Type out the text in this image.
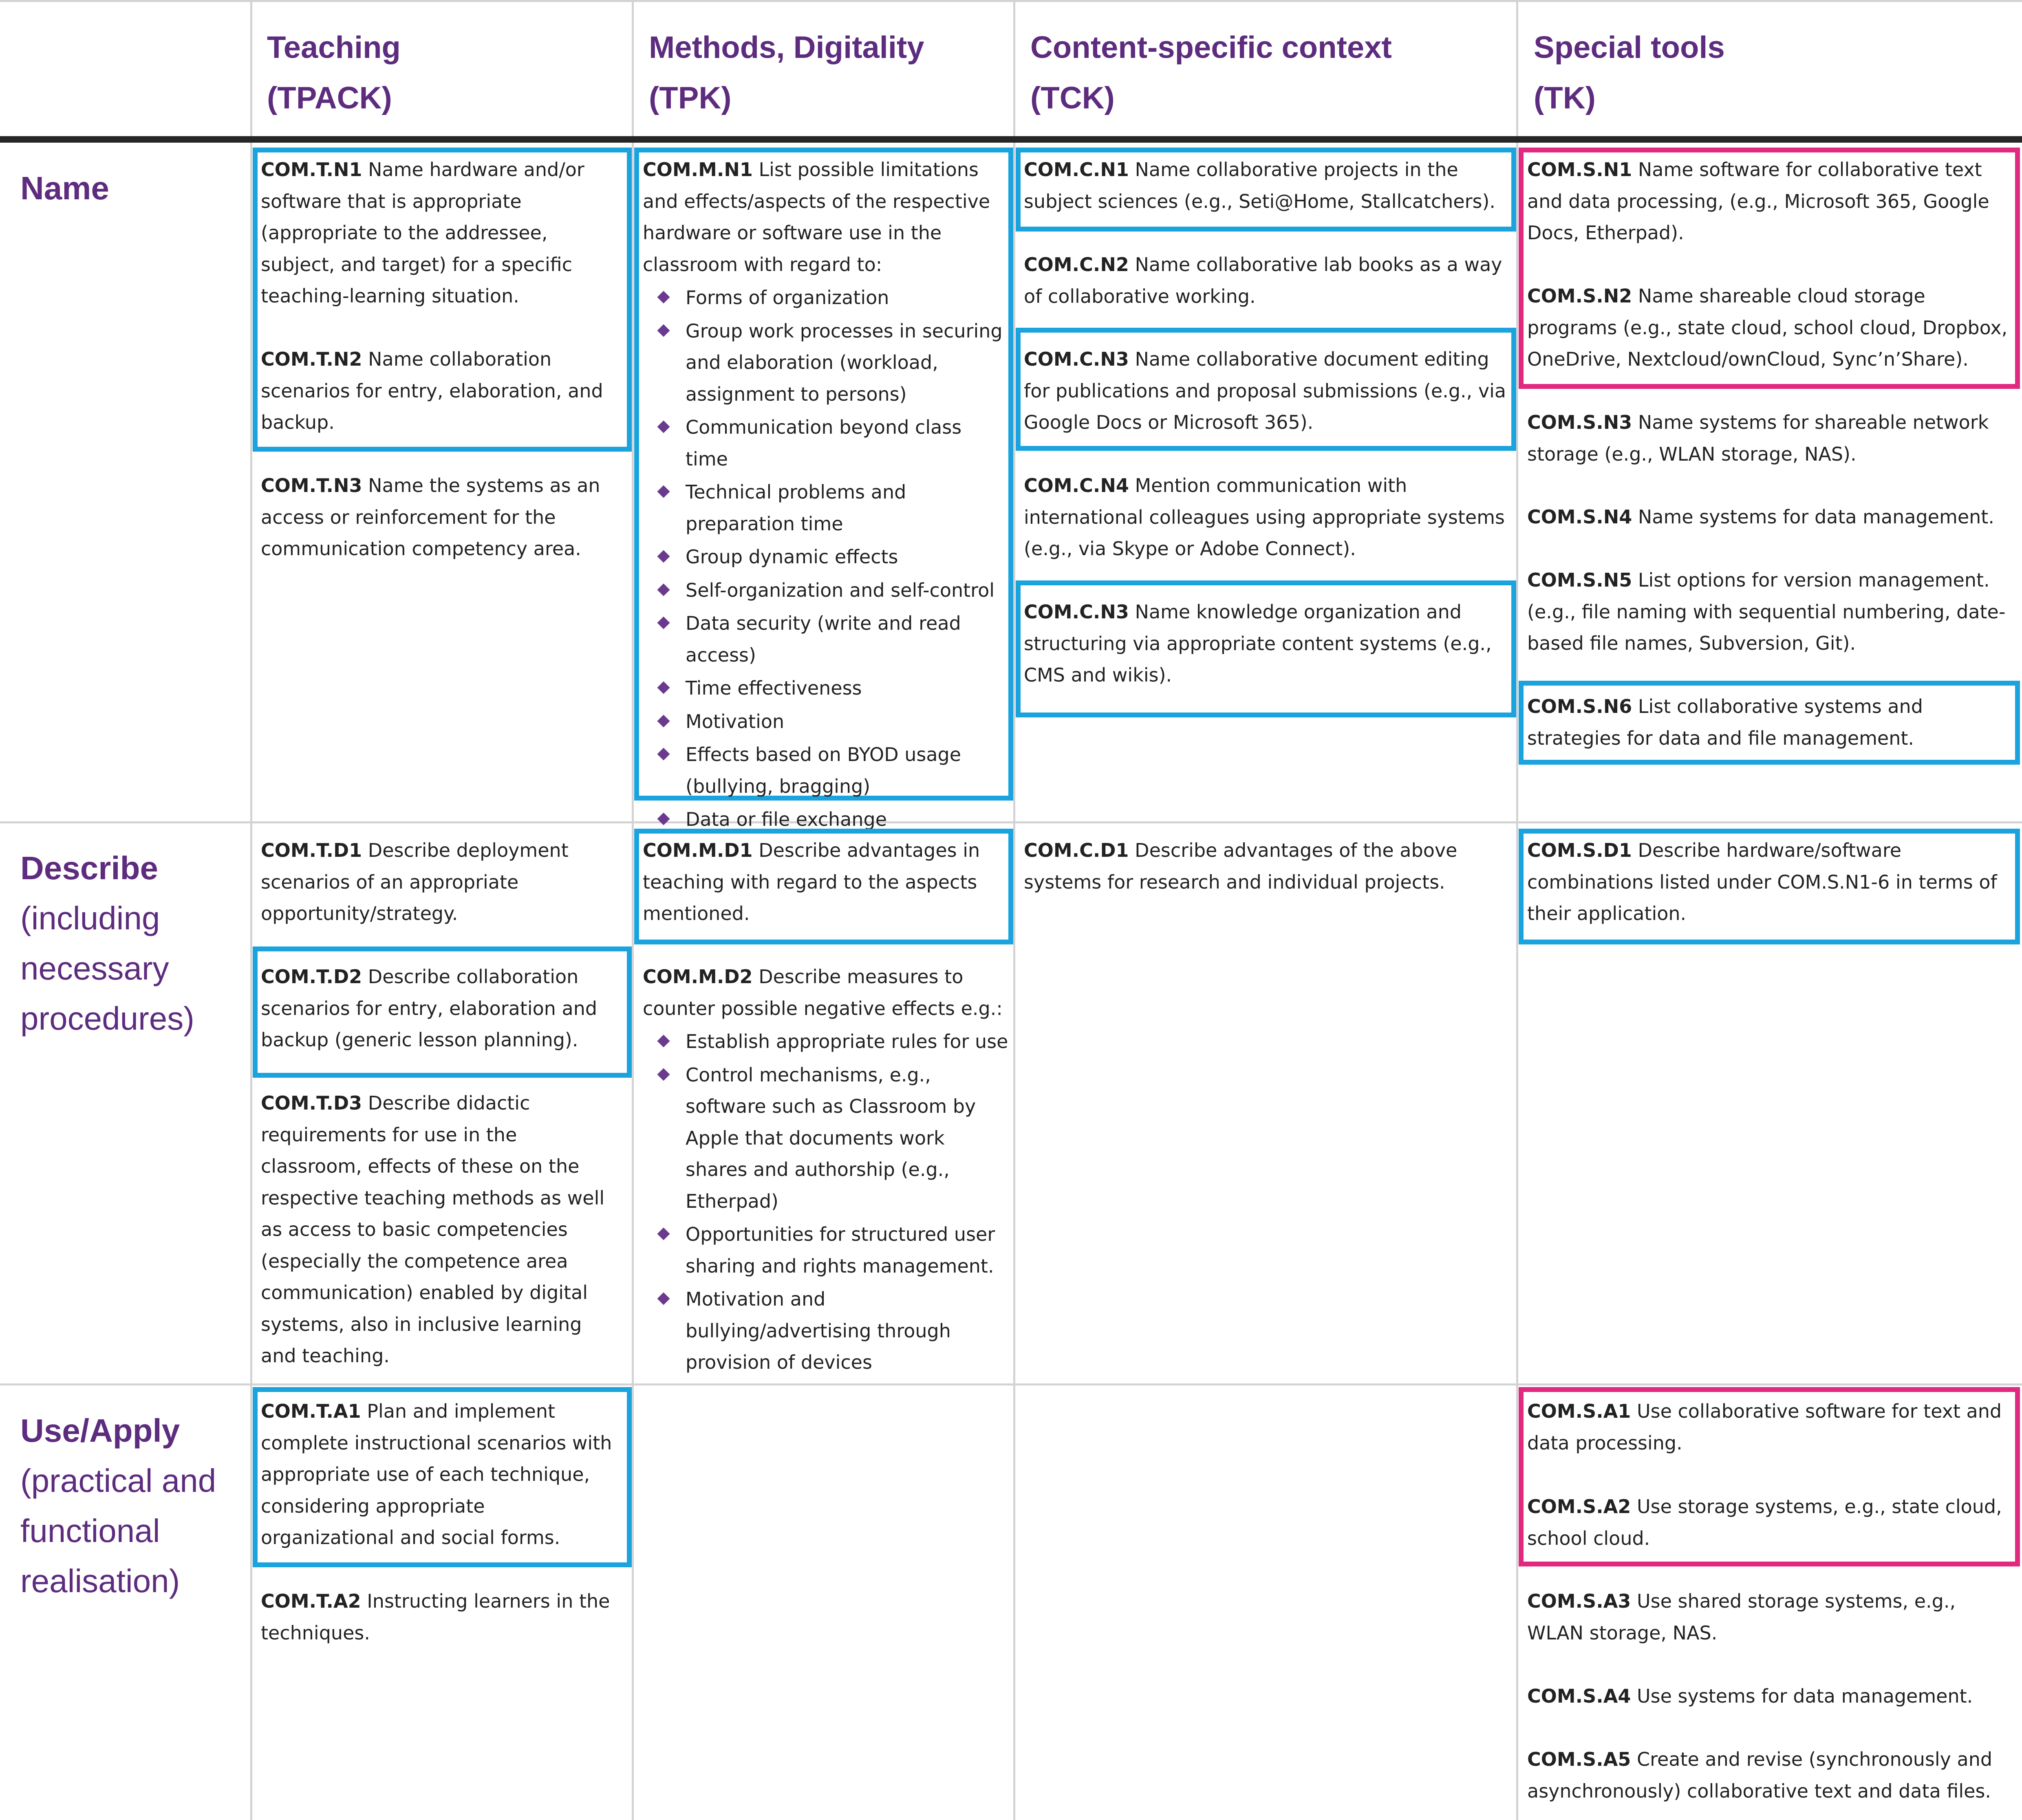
Teaching
(TPACK)
Methods, Digitality
(TPK)
Content-specific context
(TCK)
Special tools
(TK)
Name
Describe
(including
necessary
procedures)
Use/Apply
(practical and
functional
realisation)
COM.T.N1 Name hardware and/or software that is appropriate (appropriate to the addressee, subject, and target) for a specific teaching-learning situation.
COM.T.N2 Name collaboration scenarios for entry, elaboration, and backup.
COM.T.N3 Name the systems as an access or reinforcement for the communication competency area.
COM.M.N1 List possible limitations and effects/aspects of the respective hardware or software use in the classroom with regard to:
Forms of organization
Group work processes in securing and elaboration (workload, assignment to persons)
Communication beyond class time
Technical problems and preparation time
Group dynamic effects
Self-organization and self-control
Data security (write and read access)
Time effectiveness
Motivation
Effects based on BYOD usage (bullying, bragging)
Data or file exchange
COM.C.N1 Name collaborative projects in the subject sciences (e.g., Seti@Home, Stallcatchers).
COM.C.N2 Name collaborative lab books as a way of collaborative working.
COM.C.N3 Name collaborative document editing for publications and proposal submissions (e.g., via Google Docs or Microsoft 365).
COM.C.N4 Mention communication with international colleagues using appropriate systems (e.g., via Skype or Adobe Connect).
COM.C.N3 Name knowledge organization and structuring via appropriate content systems (e.g., CMS and wikis).
COM.S.N1 Name software for collaborative text and data processing, (e.g., Microsoft 365, Google Docs, Etherpad).
COM.S.N2 Name shareable cloud storage programs (e.g., state cloud, school cloud, Dropbox, OneDrive, Nextcloud/ownCloud, Sync’n’Share).
COM.S.N3 Name systems for shareable network storage (e.g., WLAN storage, NAS).
COM.S.N4 Name systems for data management.
COM.S.N5 List options for version management. (e.g., file naming with sequential numbering, date-based file names, Subversion, Git).
COM.S.N6 List collaborative systems and strategies for data and file management.
COM.T.D1 Describe deployment scenarios of an appropriate opportunity/strategy.
COM.T.D2 Describe collaboration scenarios for entry, elaboration and backup (generic lesson planning).
COM.T.D3 Describe didactic requirements for use in the classroom, effects of these on the respective teaching methods as well as access to basic competencies (especially the competence area communication) enabled by digital systems, also in inclusive learning and teaching.
COM.M.D1 Describe advantages in teaching with regard to the aspects mentioned.
COM.M.D2 Describe measures to counter possible negative effects e.g.:
Establish appropriate rules for use
Control mechanisms, e.g., software such as Classroom by Apple that documents work shares and authorship (e.g., Etherpad)
Opportunities for structured user sharing and rights management.
Motivation and bullying/advertising through provision of devices
COM.C.D1 Describe advantages of the above systems for research and individual projects.
COM.S.D1 Describe hardware/software combinations listed under COM.S.N1-6 in terms of their application.
COM.T.A1 Plan and implement complete instructional scenarios with appropriate use of each technique, considering appropriate organizational and social forms.
COM.T.A2 Instructing learners in the techniques.
COM.S.A1 Use collaborative software for text and data processing.
COM.S.A2 Use storage systems, e.g., state cloud, school cloud.
COM.S.A3 Use shared storage systems, e.g., WLAN storage, NAS.
COM.S.A4 Use systems for data management.
COM.S.A5 Create and revise (synchronously and asynchronously) collaborative text and data files.
